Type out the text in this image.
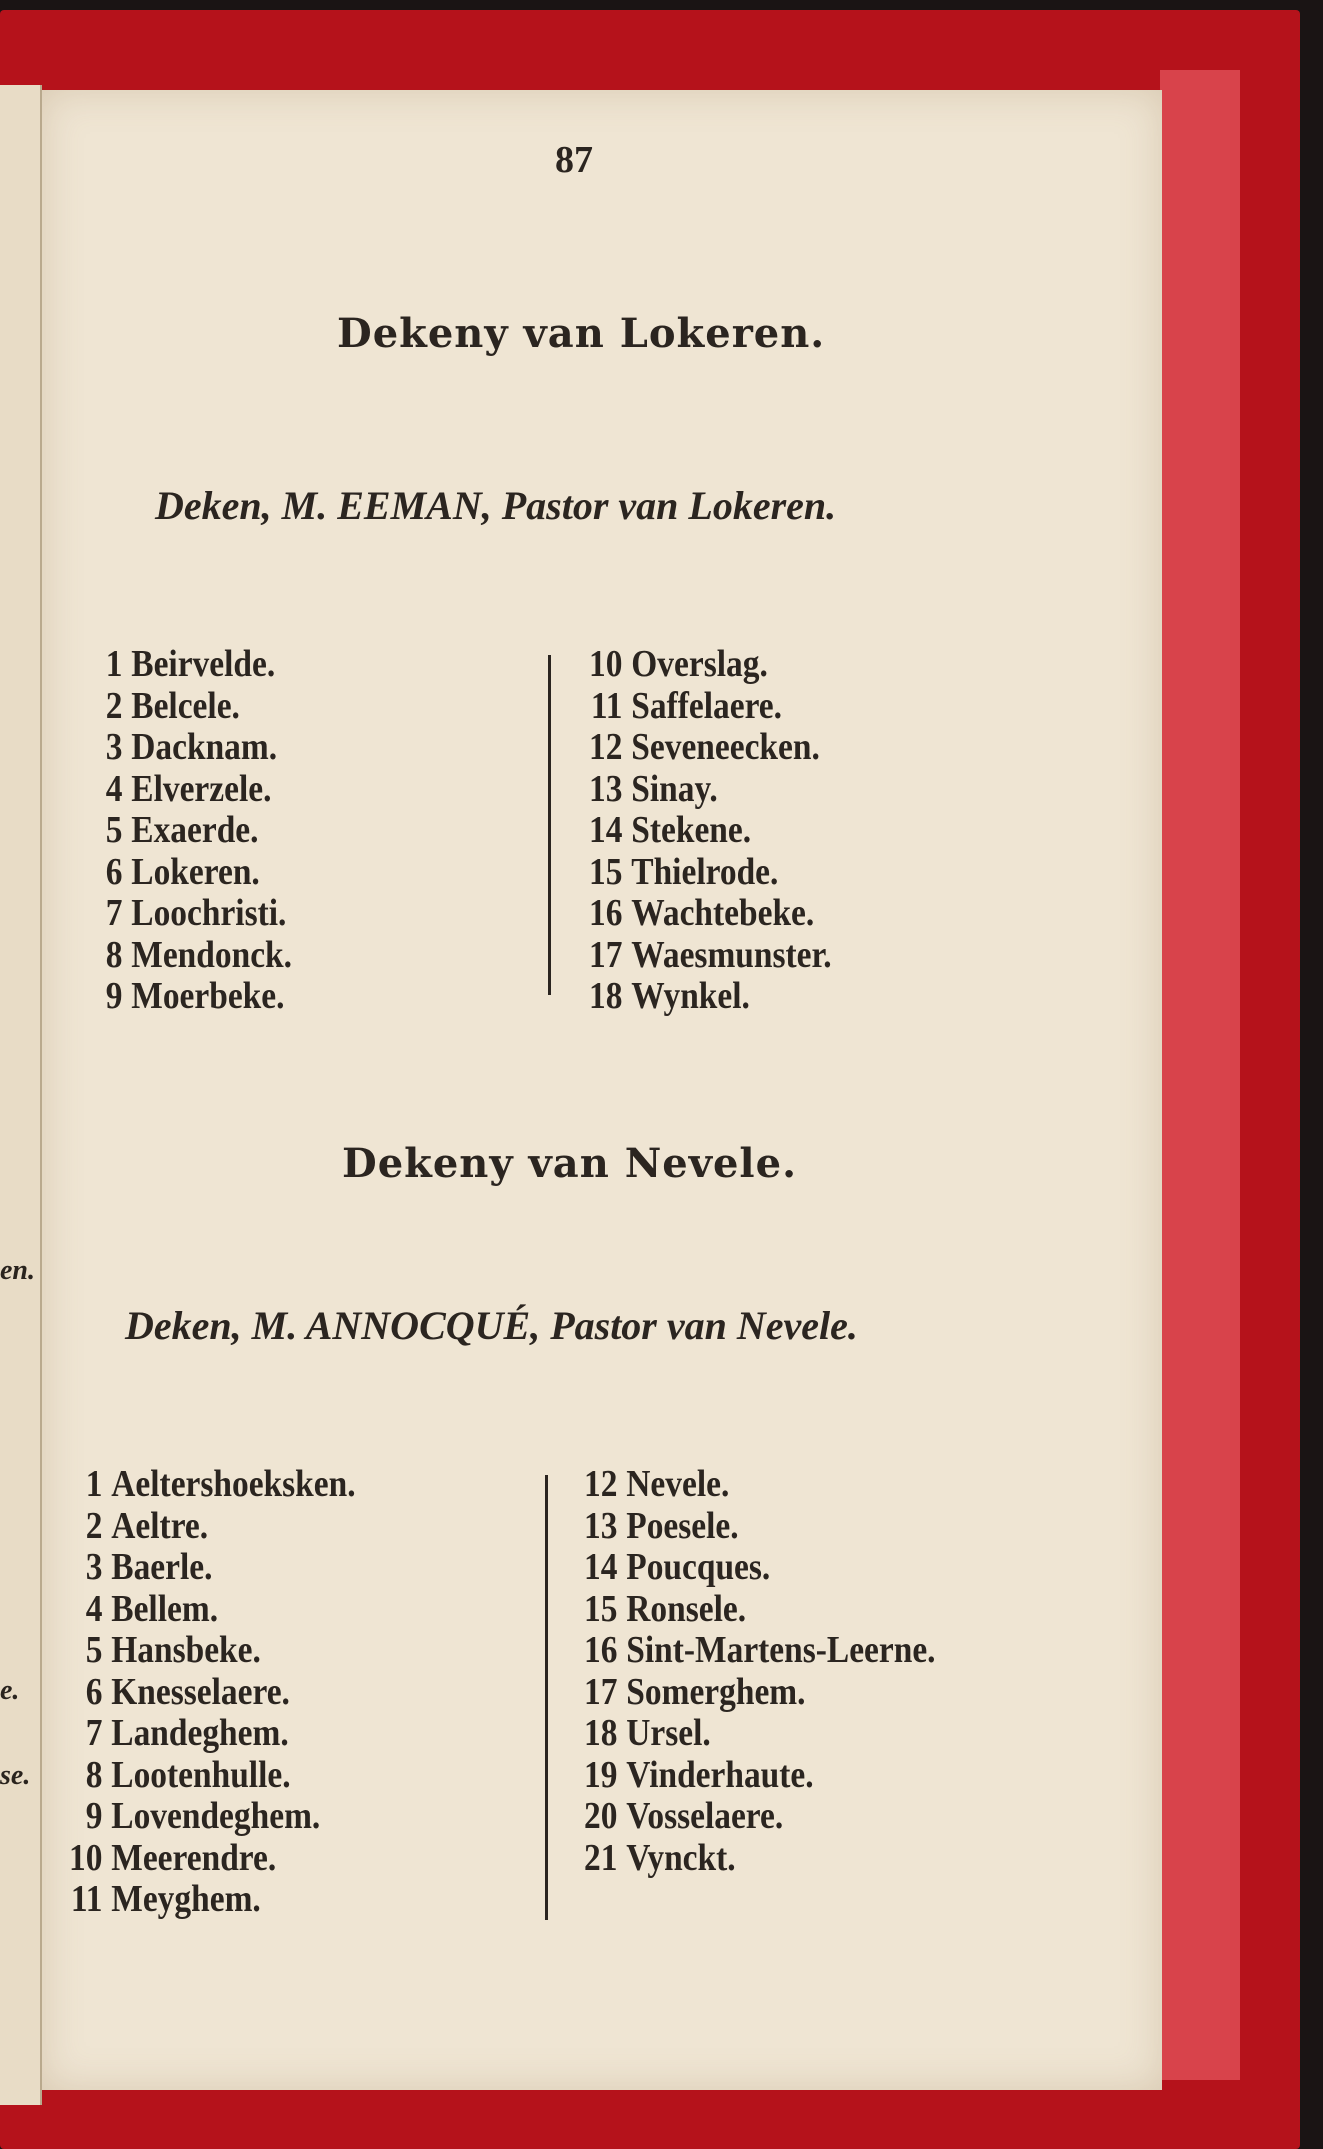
en.
e.
se.
87
Dekeny van Lokeren.
Deken, M. EEMAN, Pastor van Lokeren.
1 Beirvelde.
2 Belcele.
3 Dacknam.
4 Elverzele.
5 Exaerde.
6 Lokeren.
7 Loochristi.
8 Mendonck.
9 Moerbeke.
10 Overslag.
11 Saffelaere.
12 Seveneecken.
13 Sinay.
14 Stekene.
15 Thielrode.
16 Wachtebeke.
17 Waesmunster.
18 Wynkel.
Dekeny van Nevele.
Deken, M. ANNOCQUÉ, Pastor van Nevele.
1 Aeltershoeksken.
2 Aeltre.
3 Baerle.
4 Bellem.
5 Hansbeke.
6 Knesselaere.
7 Landeghem.
8 Lootenhulle.
9 Lovendeghem.
10 Meerendre.
11 Meyghem.
12 Nevele.
13 Poesele.
14 Poucques.
15 Ronsele.
16 Sint-Martens-Leerne.
17 Somerghem.
18 Ursel.
19 Vinderhaute.
20 Vosselaere.
21 Vynckt.
